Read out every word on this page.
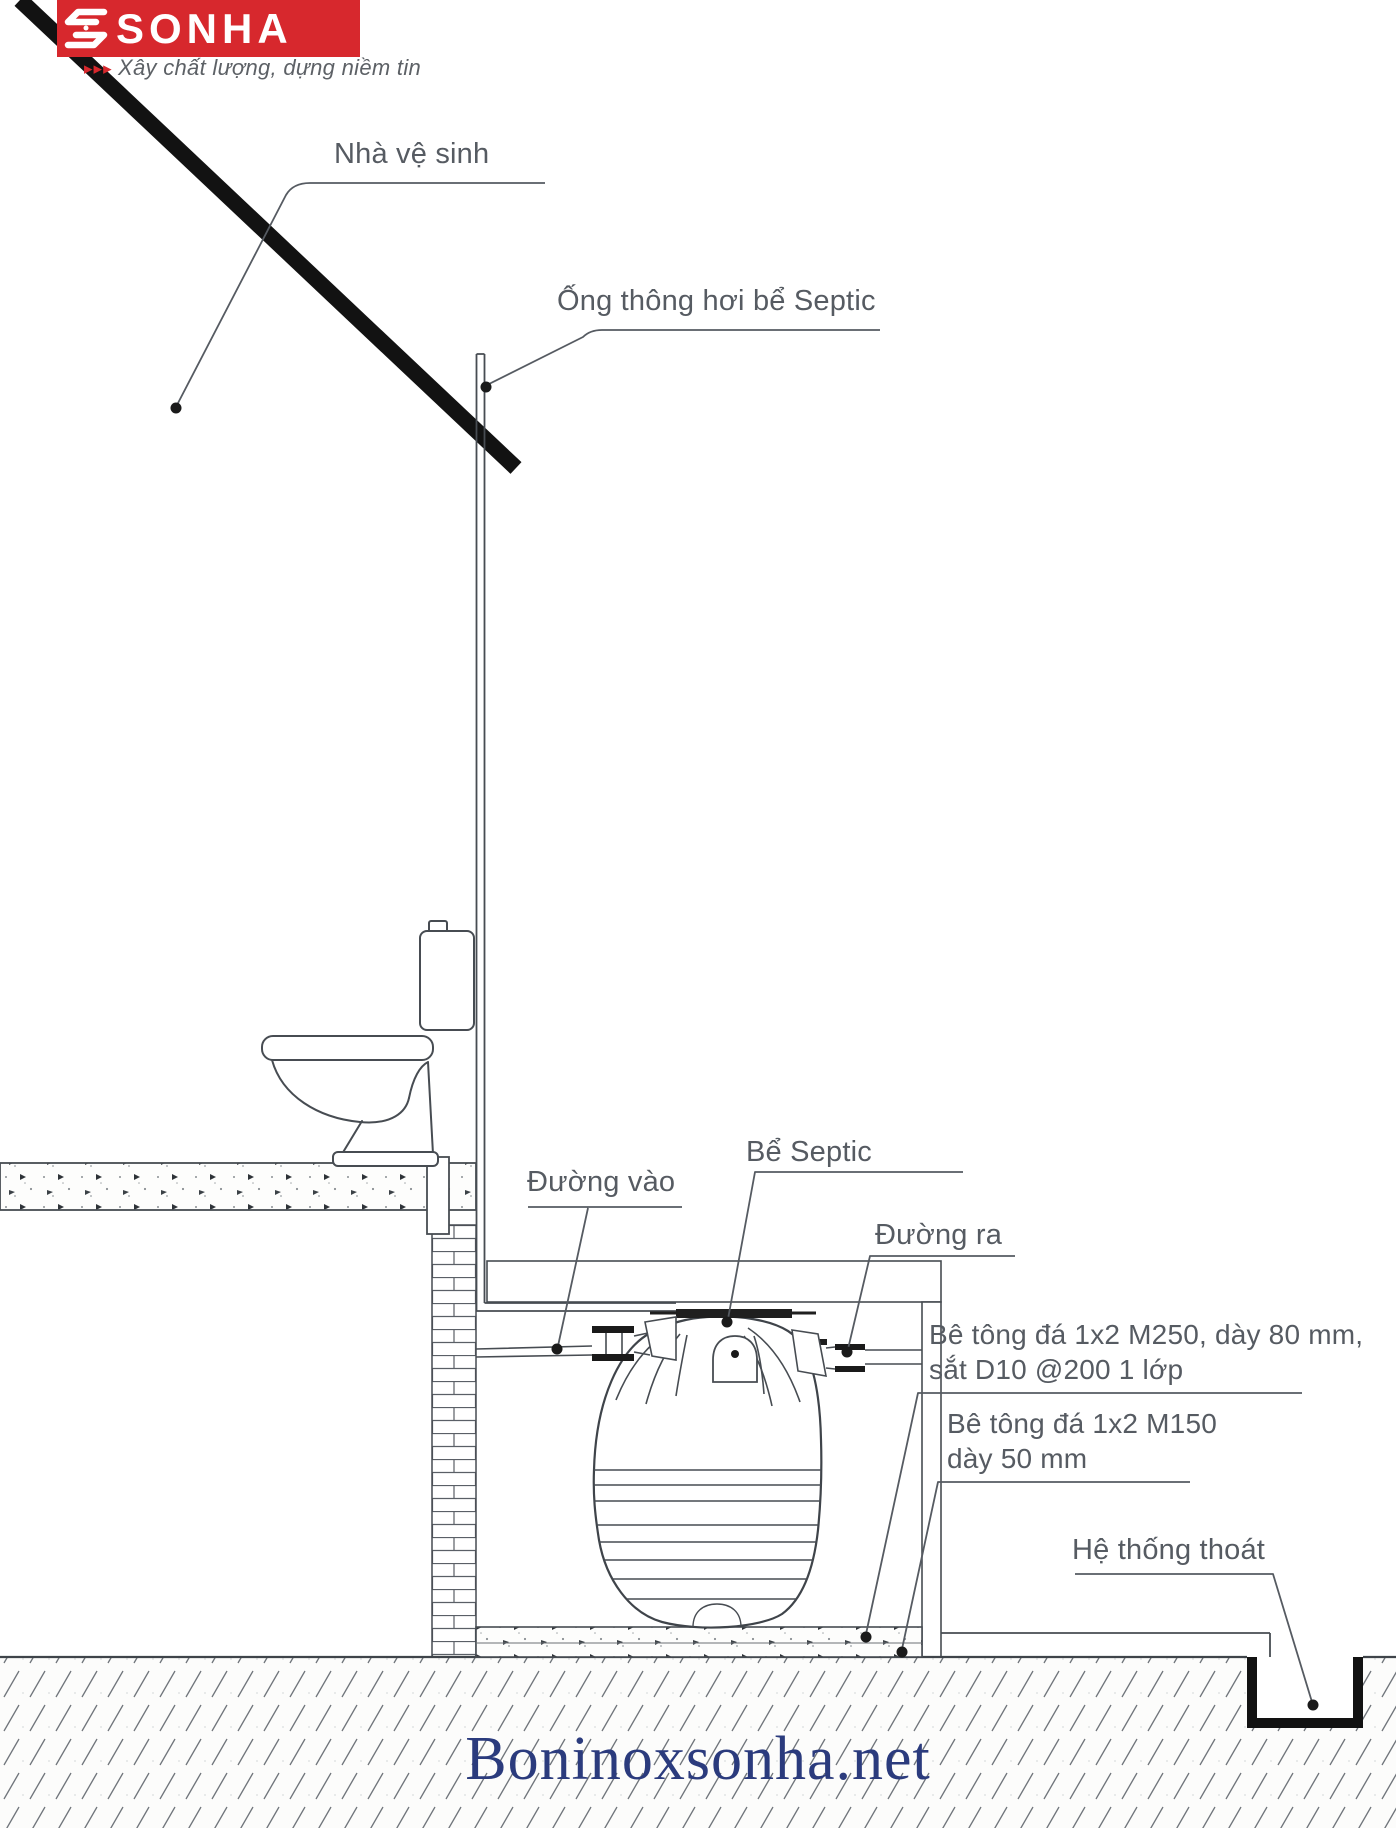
SONHA
▸▸▸ Xây chất lượng, dựng niềm tin
Nhà vệ sinh
Ống thông hơi bể Septic
Đường vào
Bể Septic
Đường ra
Bê tông đá 1x2 M250, dày 80 mm,
sắt D10 @200 1 lớp
Bê tông đá 1x2 M150
dày 50 mm
Hệ thống thoát
Boninoxsonha.net
